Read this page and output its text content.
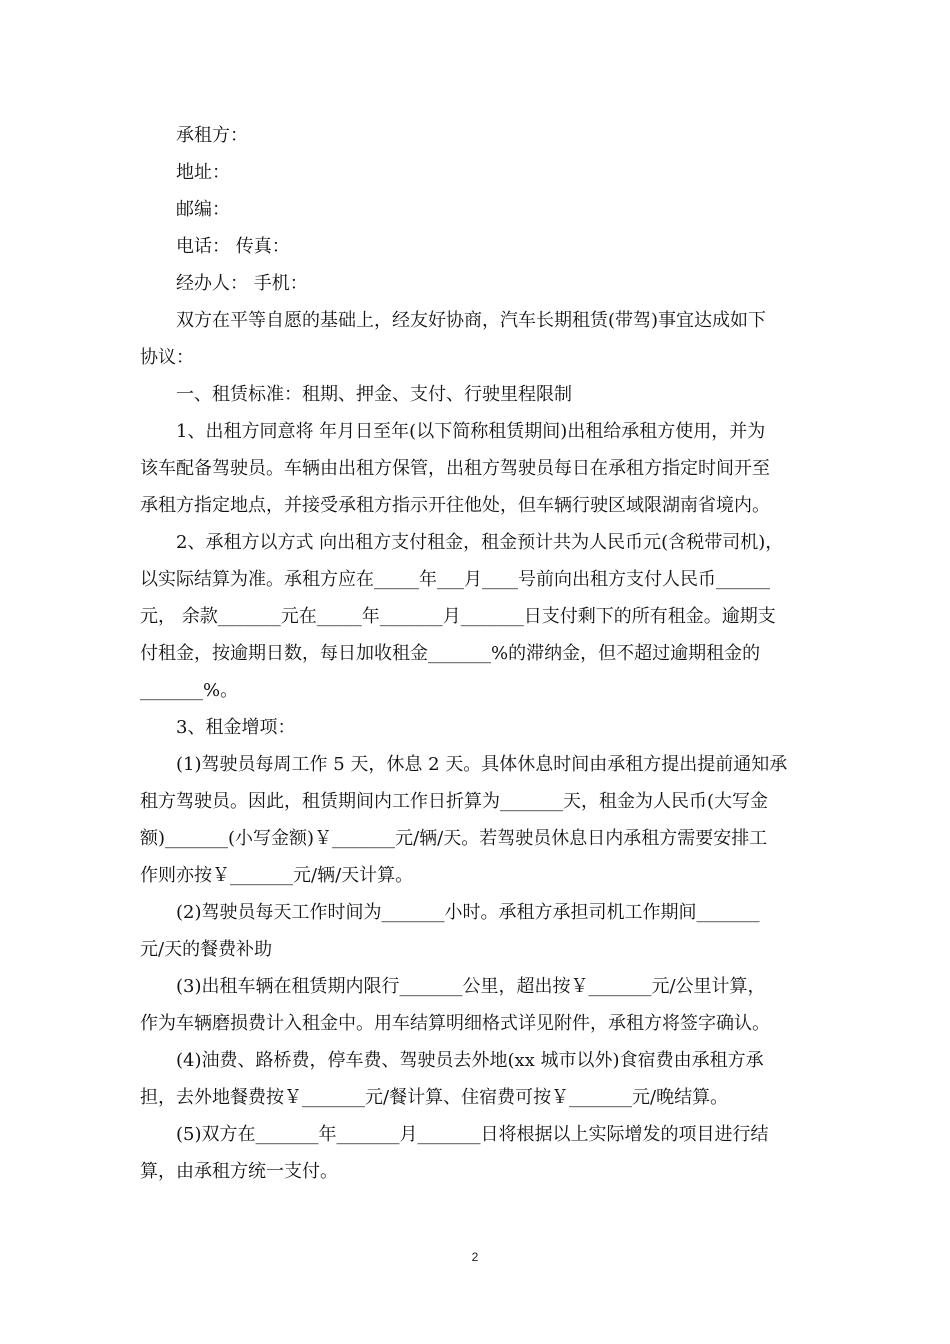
承租方：

地址：

邮编：

电话： 传真：

经办人： 手机：

双方在平等自愿的基础上，经友好协商，汽车长期租赁(带驾)事宜达成如下

协议：

一、租赁标准：租期、押金、支付、行驶里程限制

1、出租方同意将 年月日至年(以下简称租赁期间)出租给承租方使用，并为

该车配备驾驶员。车辆由出租方保管，出租方驾驶员每日在承租方指定时间开至

承租方指定地点，并接受承租方指示开往他处，但车辆行驶区域限湖南省境内。

2、承租方以方式 向出租方支付租金，租金预计共为人民币元(含税带司机)，

以实际结算为准。承租方应在_____年___月____号前向出租方支付人民币______

元， 余款_______元在_____年_______月_______日支付剩下的所有租金。逾期支

付租金，按逾期日数，每日加收租金_______%的滞纳金，但不超过逾期租金的

_______%。

3、租金增项：

(1)驾驶员每周工作 5 天，休息 2 天。具体休息时间由承租方提出提前通知承

租方驾驶员。因此，租赁期间内工作日折算为_______天，租金为人民币(大写金

额)_______(小写金额)￥_______元/辆/天。若驾驶员休息日内承租方需要安排工

作则亦按￥_______元/辆/天计算。

(2)驾驶员每天工作时间为_______小时。承租方承担司机工作期间_______

元/天的餐费补助

(3)出租车辆在租赁期内限行_______公里，超出按￥_______元/公里计算，

作为车辆磨损费计入租金中。用车结算明细格式详见附件，承租方将签字确认。

(4)油费、路桥费，停车费、驾驶员去外地(xx 城市以外)食宿费由承租方承

担，去外地餐费按￥_______元/餐计算、住宿费可按￥_______元/晚结算。

(5)双方在_______年_______月_______日将根据以上实际增发的项目进行结

算，由承租方统一支付。

2
